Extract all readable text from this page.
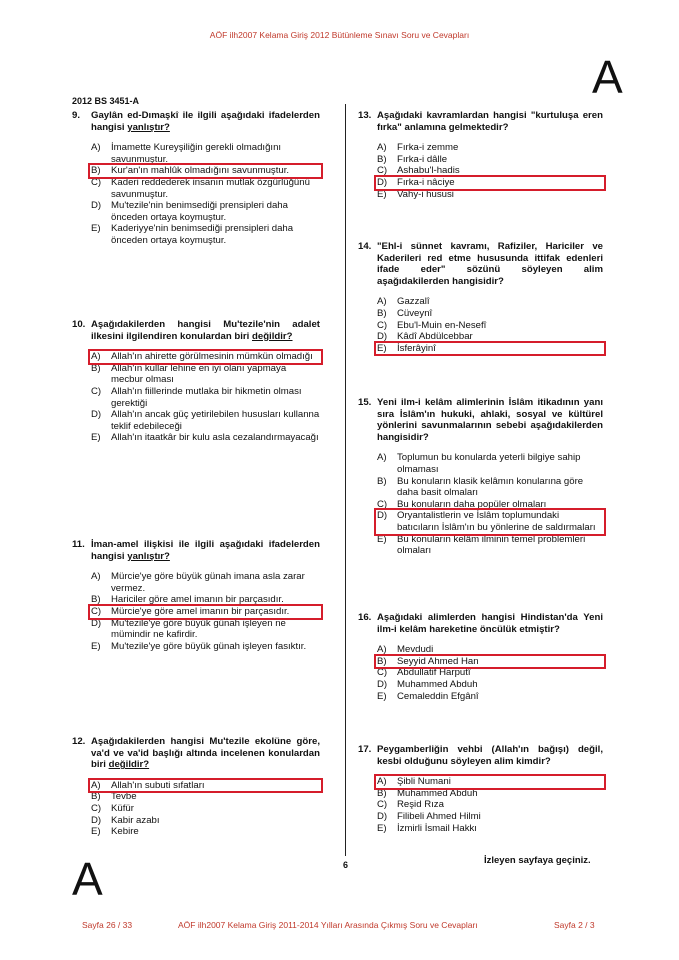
AÖF ilh2007 Kelama Giriş 2012 Bütünleme Sınavı Soru ve Cevapları
A
2012 BS 3451-A
9.	Gaylân ed-Dımaşkî ile ilgili aşağıdaki ifadelerden hangisi yanlıştır?
A)	İmamette Kureyşiliğin gerekli olmadığını savunmuştur.
B)	Kur'an'ın mahlûk olmadığını savunmuştur.
C)	Kaderi reddederek insanın mutlak özgürlüğünü savunmuştur.
D)	Mu'tezile'nin benimsediği prensipleri daha önceden ortaya koymuştur.
E)	Kaderiyye'nin benimsediği prensipleri daha önceden ortaya koymuştur.
10. Aşağıdakilerden hangisi Mu'tezile'nin adalet ilkesini ilgilendiren konulardan biri değildir?
A)	Allah'ın ahirette görülmesinin mümkün olmadığı
B)	Allah'ın kullar lehine en iyi olanı yapmaya mecbur olması
C)	Allah'ın fiillerinde mutlaka bir hikmetin olması gerektiği
D)	Allah'ın ancak güç yetirilebilen hususları kullanna teklif edebileceği
E)	Allah'ın itaatkâr bir kulu asla cezalandırmayacağı
11. İman-amel ilişkisi ile ilgili aşağıdaki ifadelerden hangisi yanlıştır?
A)	Mürcie'ye göre büyük günah imana asla zarar vermez.
B)	Hariciler göre amel imanın bir parçasıdır.
C)	Mürcie'ye göre amel imanın bir parçasıdır.
D)	Mu'tezile'ye göre büyük günah işleyen ne mümindir ne kafirdir.
E)	Mu'tezile'ye göre büyük günah işleyen fasıktır.
12. Aşağıdakilerden hangisi Mu'tezile ekolüne göre, va'd ve va'id başlığı altında incelenen konulardan biri değildir?
A)	Allah'ın subuti sıfatları
B)	Tevbe
C)	Küfür
D)	Kabir azabı
E)	Kebire
13. Aşağıdaki kavramlardan hangisi "kurtuluşa eren fırka" anlamına gelmektedir?
A)	Fırka-i zemme
B)	Fırka-i dâlle
C)	Ashabu'l-hadis
D)	Fırka-i nâciye
E)	Vahy-i hususi
14. "Ehl-i sünnet kavramı, Rafiziler, Hariciler ve Kaderileri red etme hususunda ittifak edenleri ifade eder" sözünü söyleyen alim aşağıdakilerden hangisidir?
A)	Gazzalî
B)	Cüveynî
C)	Ebu'l-Muin en-Nesefî
D)	Kâdî Abdülcebbar
E)	İsferâyinî
15. Yeni ilm-i kelâm alimlerinin İslâm itikadının yanı sıra İslâm'ın hukuki, ahlaki, sosyal ve kültürel yönlerini savunmalarının sebebi aşağıdakilerden hangisidir?
A)	Toplumun bu konularda yeterli bilgiye sahip olmaması
B)	Bu konuların klasik kelâmın konularına göre daha basit olmaları
C)	Bu konuların daha popüler olmaları
D)	Oryantalistlerin ve İslâm toplumundaki batıcıların İslâm'ın bu yönlerine de saldırmaları
E)	Bu konuların kelâm ilminin temel problemleri olmaları
16. Aşağıdaki alimlerden hangisi Hindistan'da Yeni ilm-i kelâm hareketine öncülük etmiştir?
A)	Mevdudi
B)	Seyyid Ahmed Han
C)	Abdullatif Harputî
D)	Muhammed Abduh
E)	Cemaleddin Efgânî
17. Peygamberliğin vehbi (Allah'ın bağışı) değil, kesbi olduğunu söyleyen alim kimdir?
A)	Şibli Numani
B)	Muhammed Abduh
C)	Reşid Rıza
D)	Filibeli Ahmed Hilmi
E)	İzmirli İsmail Hakkı
6	İzleyen sayfaya geçiniz.
A
Sayfa 26 / 33	AÖF ilh2007 Kelama Giriş 2011-2014 Yılları Arasında Çıkmış Soru ve Cevapları	Sayfa 2 / 3
